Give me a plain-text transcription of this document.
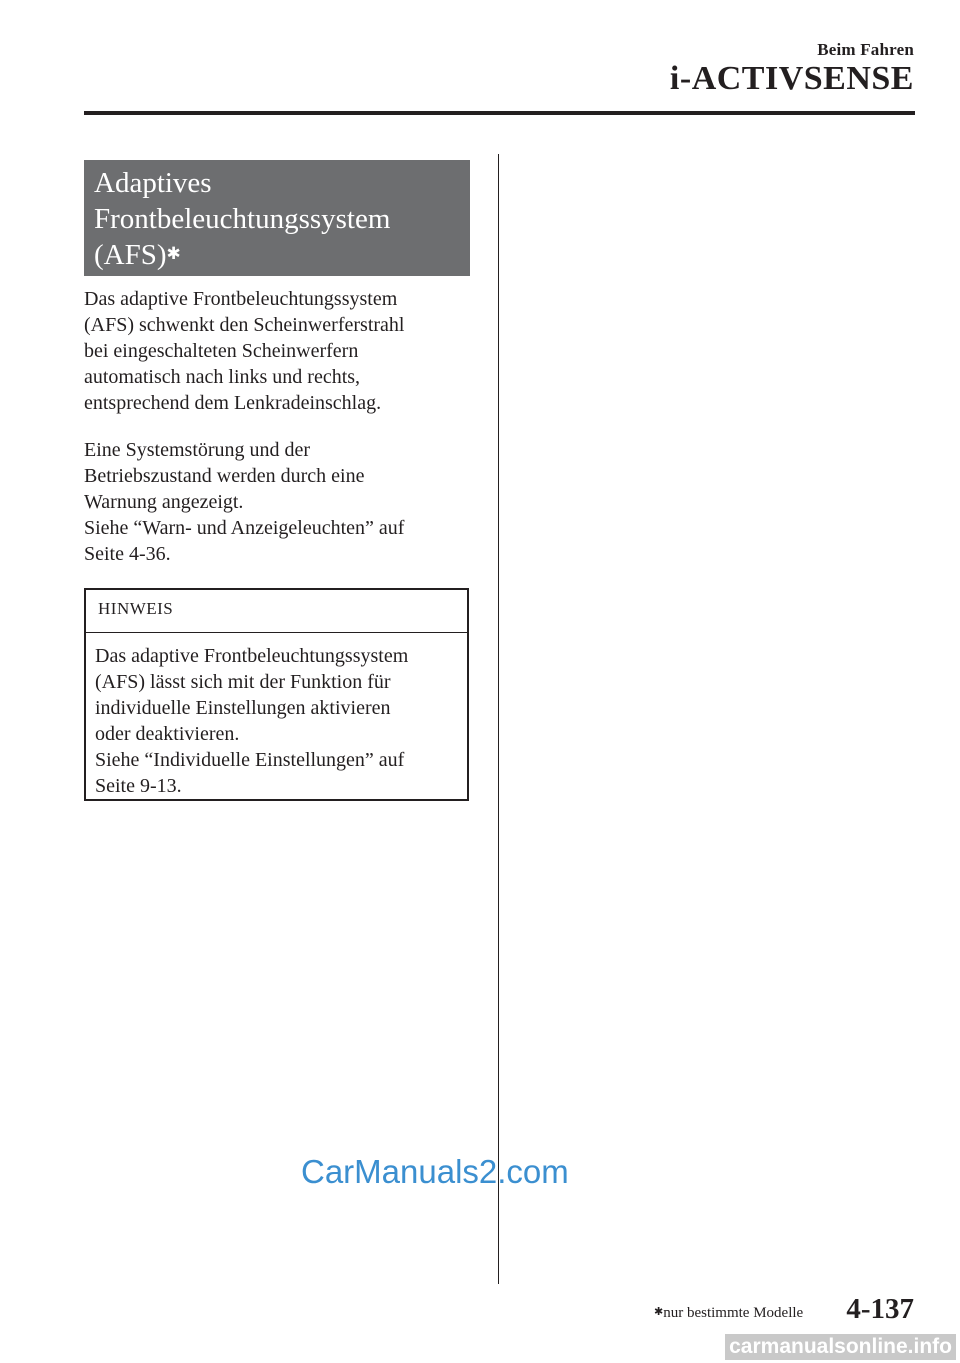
Beim Fahren
i-ACTIVSENSE
Adaptives
Frontbeleuchtungssystem
(AFS)✱

Das adaptive Frontbeleuchtungssystem
(AFS) schwenkt den Scheinwerferstrahl
bei eingeschalteten Scheinwerfern
automatisch nach links und rechts,
entsprechend dem Lenkradeinschlag.

Eine Systemstörung und der
Betriebszustand werden durch eine
Warnung angezeigt.
Siehe “Warn- und Anzeigeleuchten” auf
Seite 4-36.

HINWEIS

Das adaptive Frontbeleuchtungssystem
(AFS) lässt sich mit der Funktion für
individuelle Einstellungen aktivieren
oder deaktivieren.
Siehe “Individuelle Einstellungen” auf
Seite 9-13.

CarManuals2.com
✱nur bestimmte Modelle 4-137
carmanualsonline.info
